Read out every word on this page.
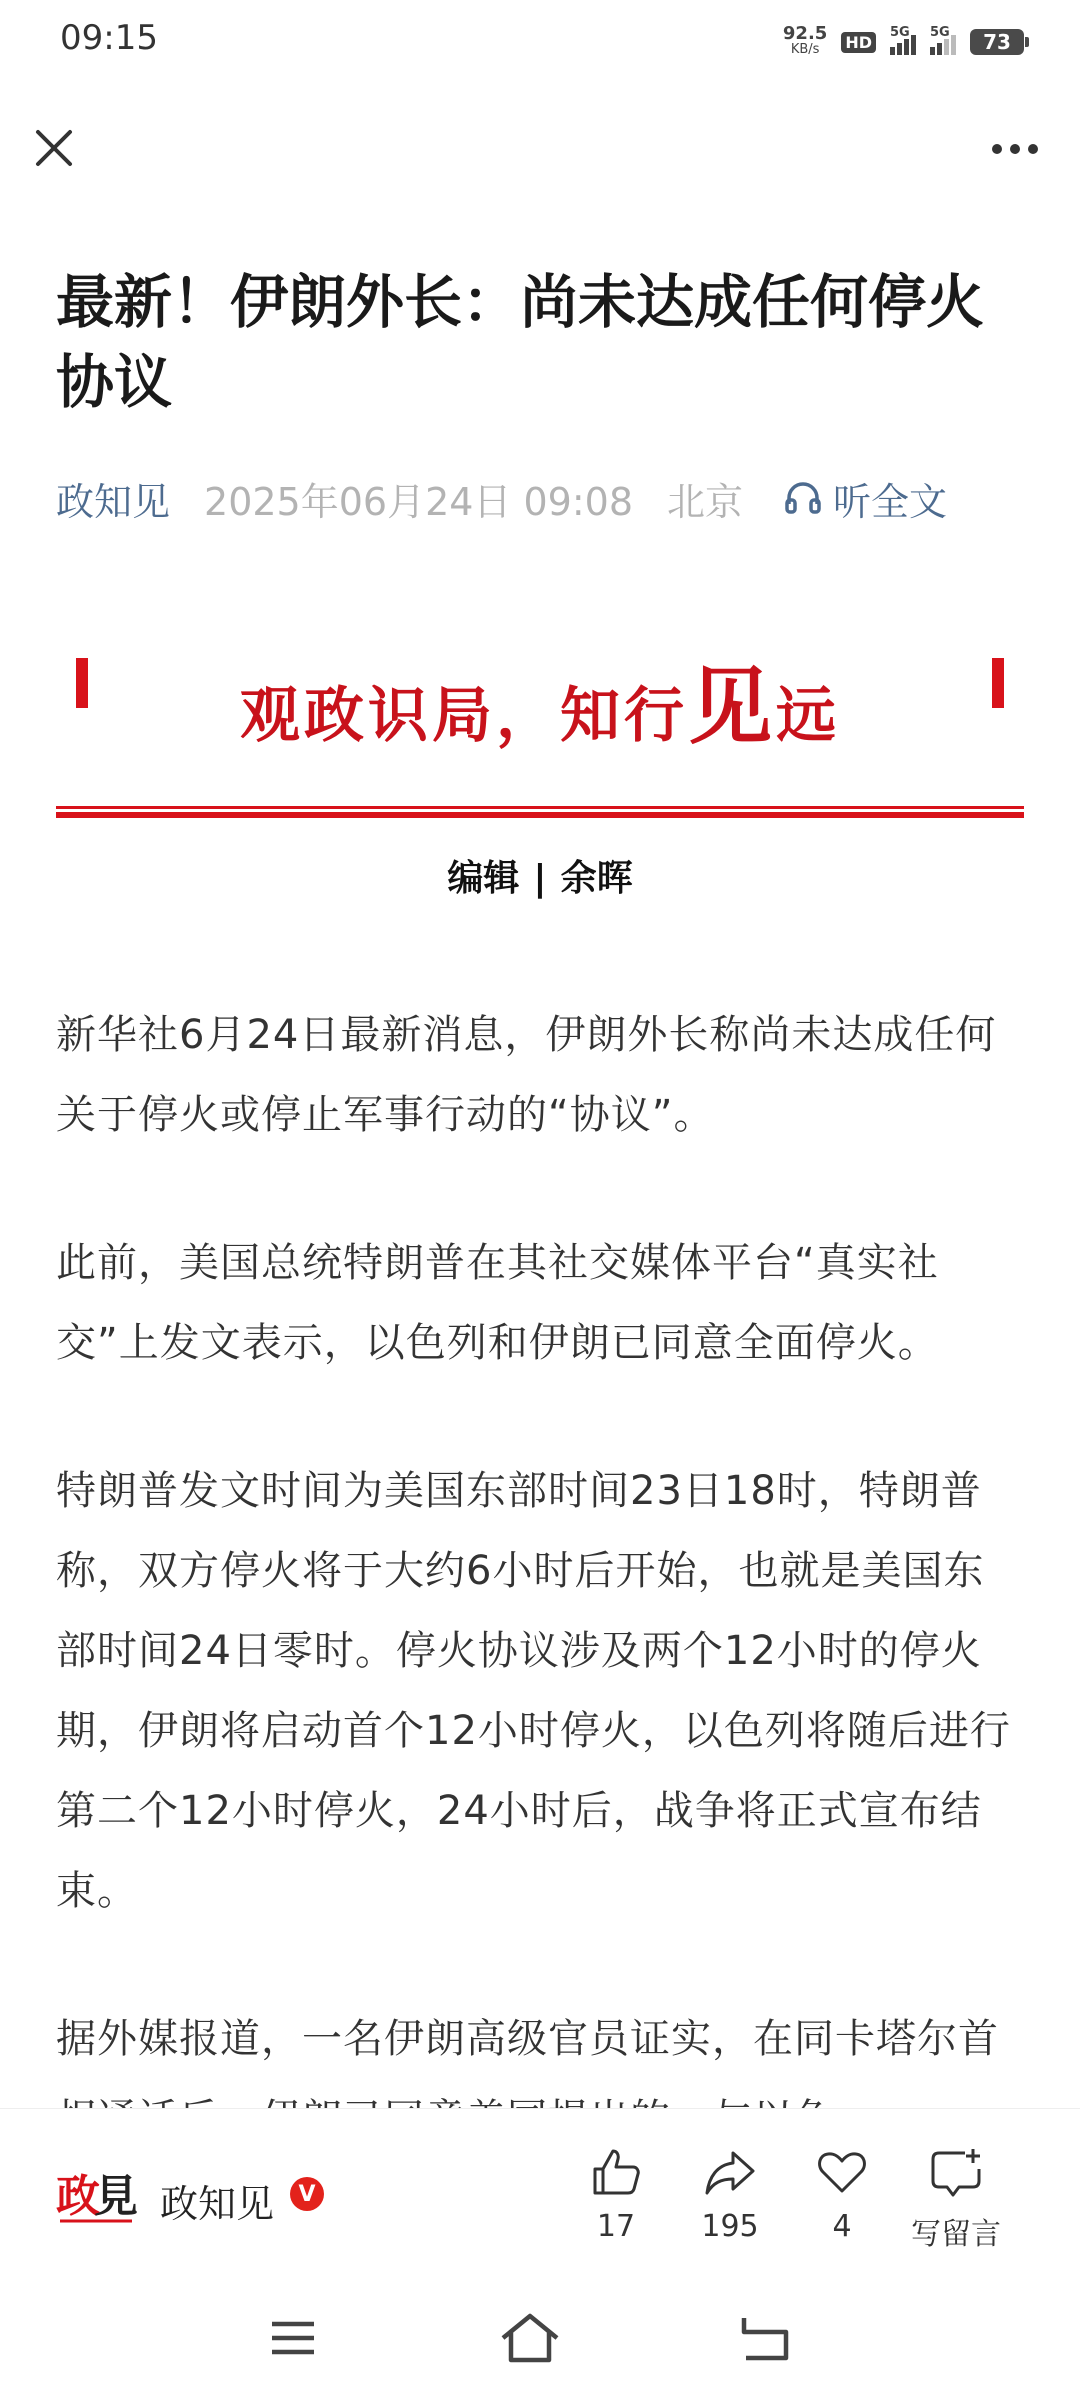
09:15	92.5
KB/s HD	5G 5G 73
最新！伊朗外长：尚未达成任何停火协议
政知见 2025年06月24日 09:08 北京 听全文
观政识局，知行见远
编辑 | 余晖

新华社6月24日最新消息，伊朗外长称尚未达成任何关于停火或停止军事行动的“协议”。

此前，美国总统特朗普在其社交媒体平台“真实社交”上发文表示，以色列和伊朗已同意全面停火。

特朗普发文时间为美国东部时间23日18时，特朗普称，双方停火将于大约6小时后开始，也就是美国东部时间24日零时。停火协议涉及两个12小时的停火期，伊朗将启动首个12小时停火，以色列将随后进行第二个12小时停火，24小时后，战争将正式宣布结束。

据外媒报道，一名伊朗高级官员证实，在同卡塔尔首

政
見 政知见	V
17 195 4 写留言
